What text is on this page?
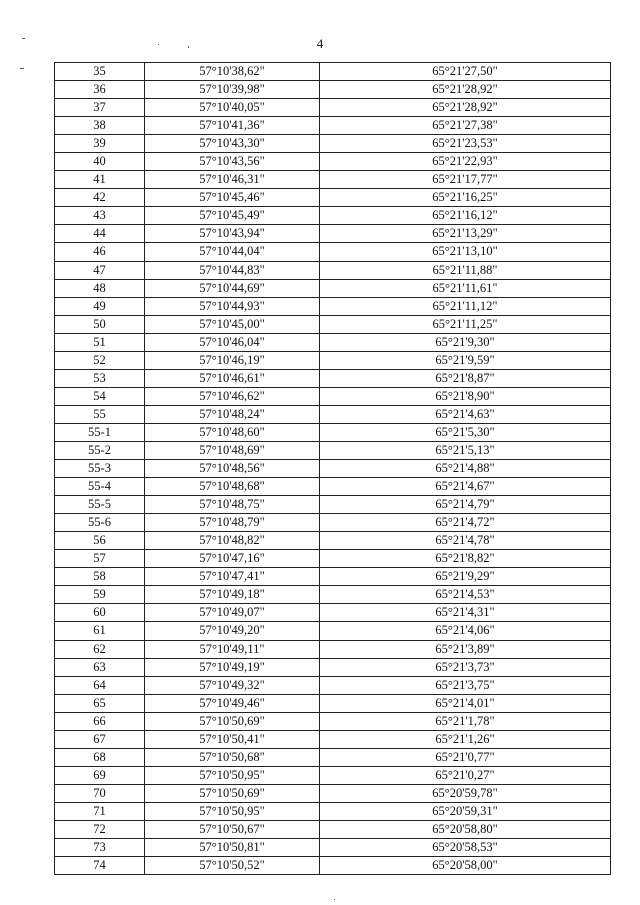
4
35	57°10'38,62"	65°21'27,50"
36	57°10'39,98"	65°21'28,92"
37	57°10'40,05"	65°21'28,92"
38	57°10'41,36"	65°21'27,38"
39	57°10'43,30"	65°21'23,53"
40	57°10'43,56"	65°21'22,93"
41	57°10'46,31"	65°21'17,77"
42	57°10'45,46"	65°21'16,25"
43	57°10'45,49"	65°21'16,12"
44	57°10'43,94"	65°21'13,29"
46	57°10'44,04"	65°21'13,10"
47	57°10'44,83"	65°21'11,88"
48	57°10'44,69"	65°21'11,61"
49	57°10'44,93"	65°21'11,12"
50	57°10'45,00"	65°21'11,25"
51	57°10'46,04"	65°21'9,30"
52	57°10'46,19"	65°21'9,59"
53	57°10'46,61"	65°21'8,87"
54	57°10'46,62"	65°21'8,90"
55	57°10'48,24"	65°21'4,63"
55-1	57°10'48,60"	65°21'5,30"
55-2	57°10'48,69"	65°21'5,13"
55-3	57°10'48,56"	65°21'4,88"
55-4	57°10'48,68"	65°21'4,67"
55-5	57°10'48,75"	65°21'4,79"
55-6	57°10'48,79"	65°21'4,72"
56	57°10'48,82"	65°21'4,78"
57	57°10'47,16"	65°21'8,82"
58	57°10'47,41"	65°21'9,29"
59	57°10'49,18"	65°21'4,53"
60	57°10'49,07"	65°21'4,31"
61	57°10'49,20"	65°21'4,06"
62	57°10'49,11"	65°21'3,89"
63	57°10'49,19"	65°21'3,73"
64	57°10'49,32"	65°21'3,75"
65	57°10'49,46"	65°21'4,01"
66	57°10'50,69"	65°21'1,78"
67	57°10'50,41"	65°21'1,26"
68	57°10'50,68"	65°21'0,77"
69	57°10'50,95"	65°21'0,27"
70	57°10'50,69"	65°20'59,78"
71	57°10'50,95"	65°20'59,31"
72	57°10'50,67"	65°20'58,80"
73	57°10'50,81"	65°20'58,53"
74	57°10'50,52"	65°20'58,00"
